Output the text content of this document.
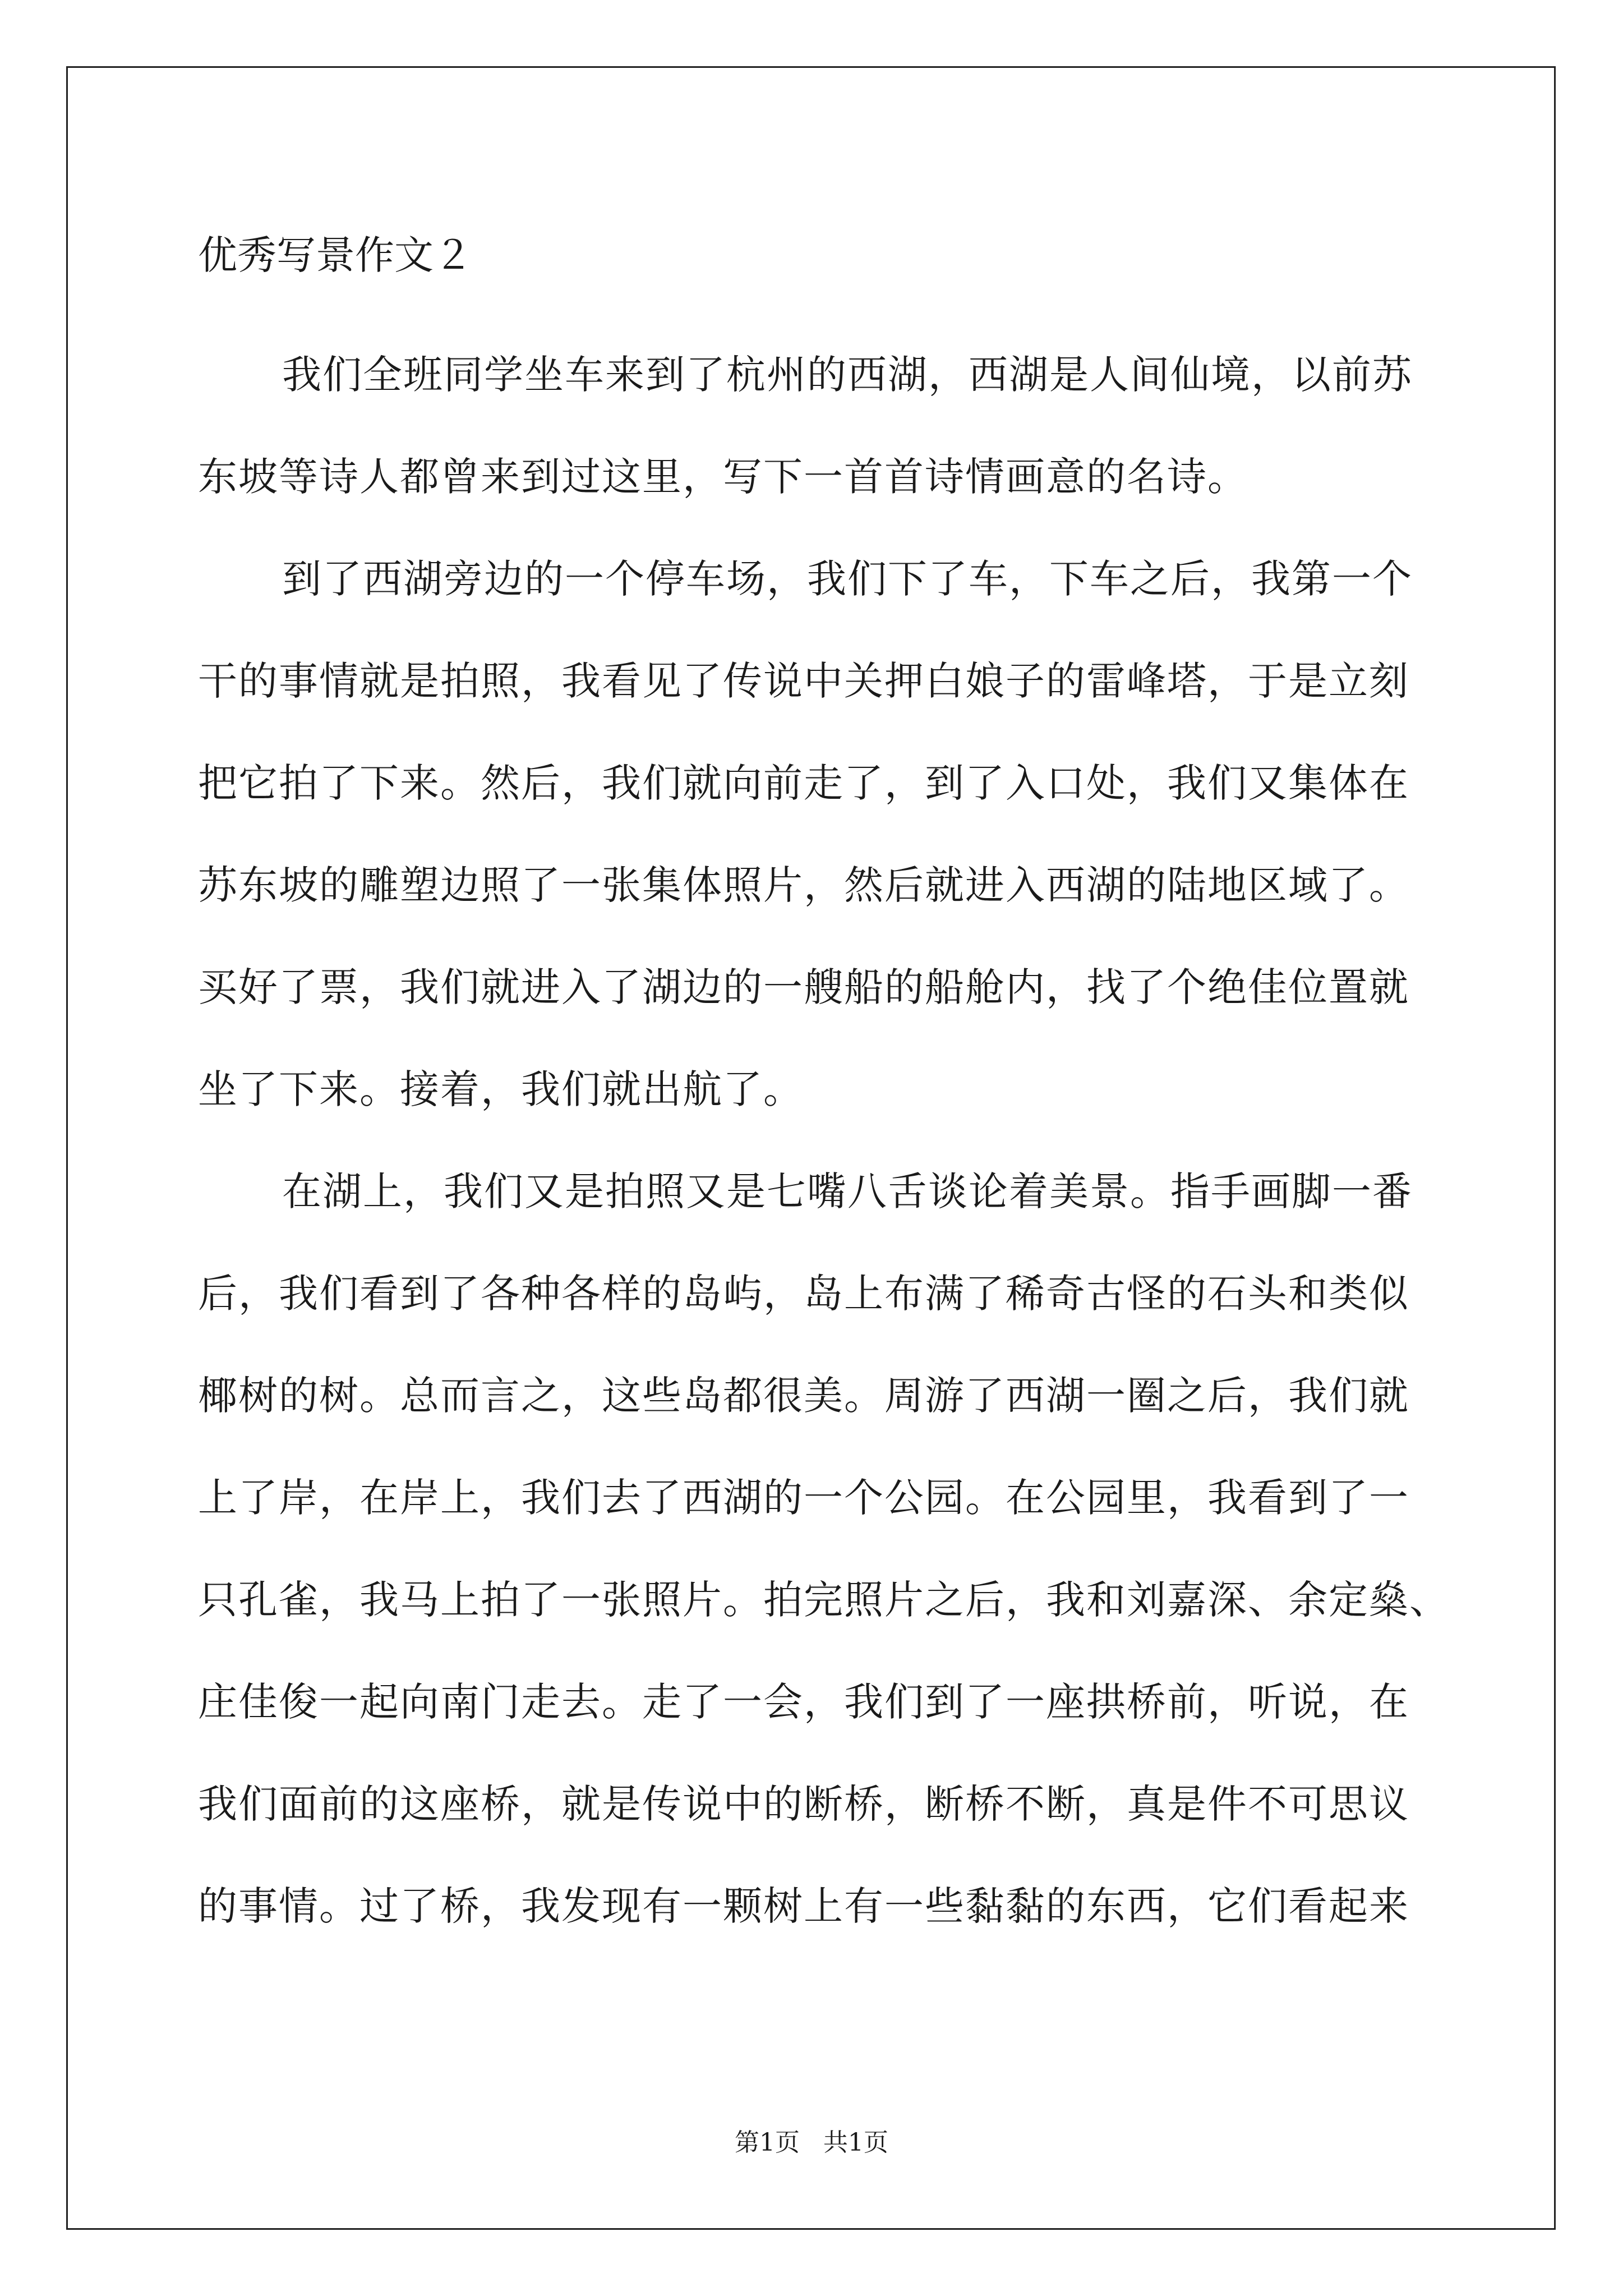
优秀写景作文２
我们全班同学坐车来到了杭州的西湖，西湖是人间仙境，以前苏
东坡等诗人都曾来到过这里，写下一首首诗情画意的名诗。
到了西湖旁边的一个停车场，我们下了车，下车之后，我第一个
干的事情就是拍照，我看见了传说中关押白娘子的雷峰塔，于是立刻
把它拍了下来。然后，我们就向前走了，到了入口处，我们又集体在
苏东坡的雕塑边照了一张集体照片，然后就进入西湖的陆地区域了。
买好了票，我们就进入了湖边的一艘船的船舱内，找了个绝佳位置就
坐了下来。接着，我们就出航了。
在湖上，我们又是拍照又是七嘴八舌谈论着美景。指手画脚一番
后，我们看到了各种各样的岛屿，岛上布满了稀奇古怪的石头和类似
椰树的树。总而言之，这些岛都很美。周游了西湖一圈之后，我们就
上了岸，在岸上，我们去了西湖的一个公园。在公园里，我看到了一
只孔雀，我马上拍了一张照片。拍完照片之后，我和刘嘉深、余定燊、
庄佳俊一起向南门走去。走了一会，我们到了一座拱桥前，听说，在
我们面前的这座桥，就是传说中的断桥，断桥不断，真是件不可思议
的事情。过了桥，我发现有一颗树上有一些黏黏的东西，它们看起来
第1页   共1页
